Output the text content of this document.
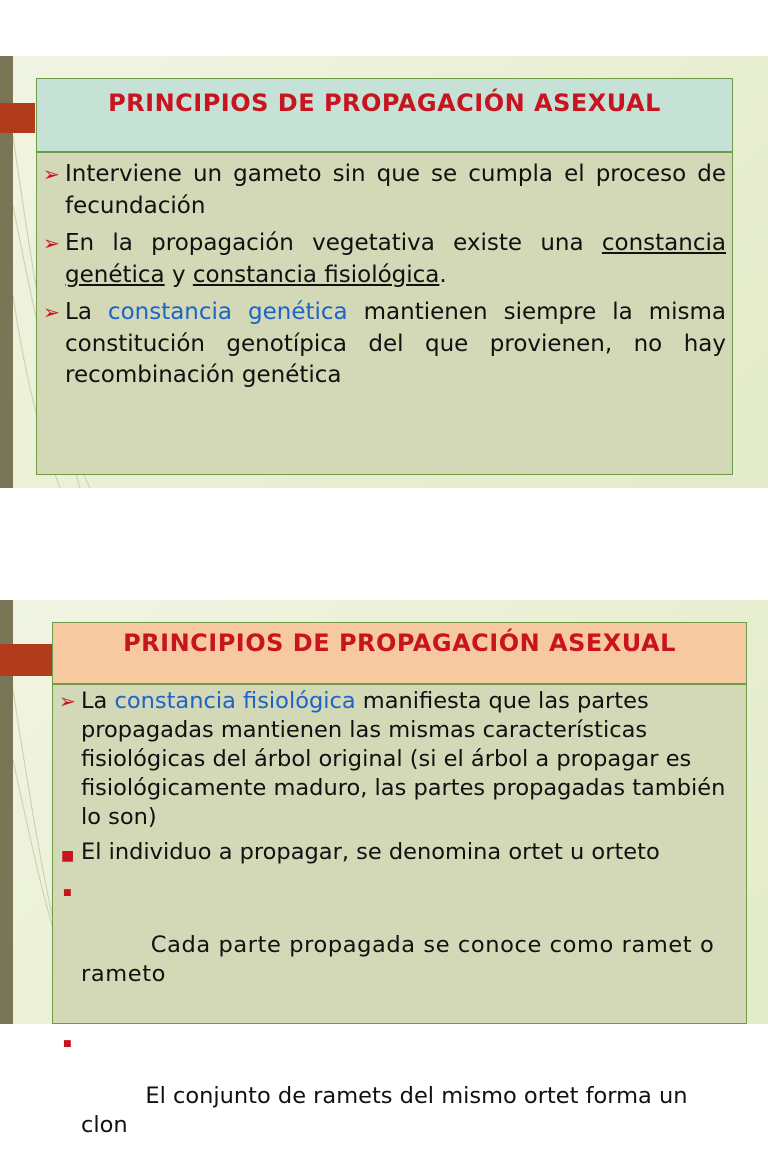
PRINCIPIOS DE PROPAGACIÓN ASEXUAL
➢ Interviene un gameto sin que se cumpla el proceso de fecundación
➢ En la propagación vegetativa existe una constancia genética y constancia fisiológica.
➢ La constancia genética mantienen siempre la misma constitución genotípica del que provienen, no hay recombinación genética
PRINCIPIOS DE PROPAGACIÓN ASEXUAL
➢ La constancia fisiológica manifiesta que las partes propagadas mantienen las mismas características fisiológicas del árbol original (si el árbol a propagar es fisiológicamente maduro, las partes propagadas también lo son)
■ El individuo a propagar, se denomina ortet u orteto

■

Cada parte propagada se conoce como ramet o  rameto

■

El conjunto de ramets del mismo ortet forma un  clon
